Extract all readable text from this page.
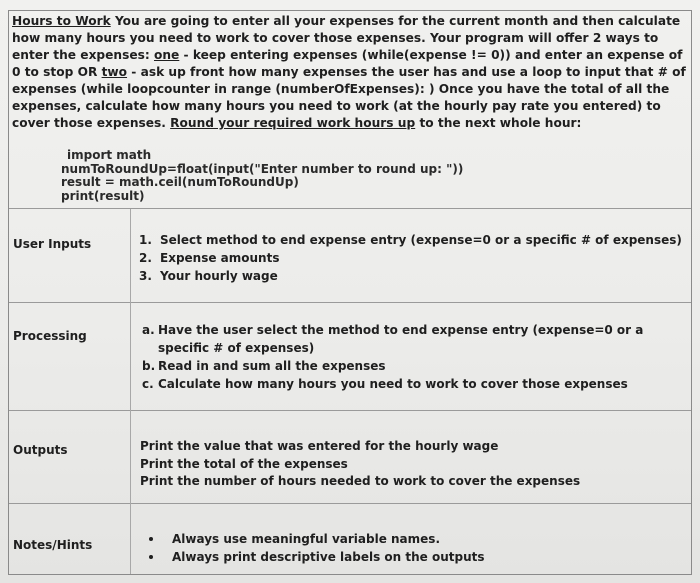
Hours to Work You are going to enter all your expenses for the current month and then calculate how many hours you need to work to cover those expenses. Your program will offer 2 ways to enter the expenses: one - keep entering expenses (while(expense != 0)) and enter an expense of 0 to stop OR two - ask up front how many expenses the user has and use a loop to input that # of expenses (while loopcounter in range (numberOfExpenses): ) Once you have the total of all the expenses, calculate how many hours you need to work (at the hourly pay rate you entered) to cover those expenses. Round your required work hours up to the next whole hour:

import math
numToRoundUp=float(input("Enter number to round up: "))
result = math.ceil(numToRoundUp)
print(result)
User Inputs	1. Select method to end expense entry (expense=0 or a specific # of expenses)
2. Expense amounts
3. Your hourly wage
Processing	a. Have the user select the method to end expense entry (expense=0 or a specific # of expenses)
b. Read in and sum all the expenses
c. Calculate how many hours you need to work to cover those expenses
Outputs	Print the value that was entered for the hourly wage
Print the total of the expenses
Print the number of hours needed to work to cover the expenses
Notes/Hints	Always use meaningful variable names.
Always print descriptive labels on the outputs
